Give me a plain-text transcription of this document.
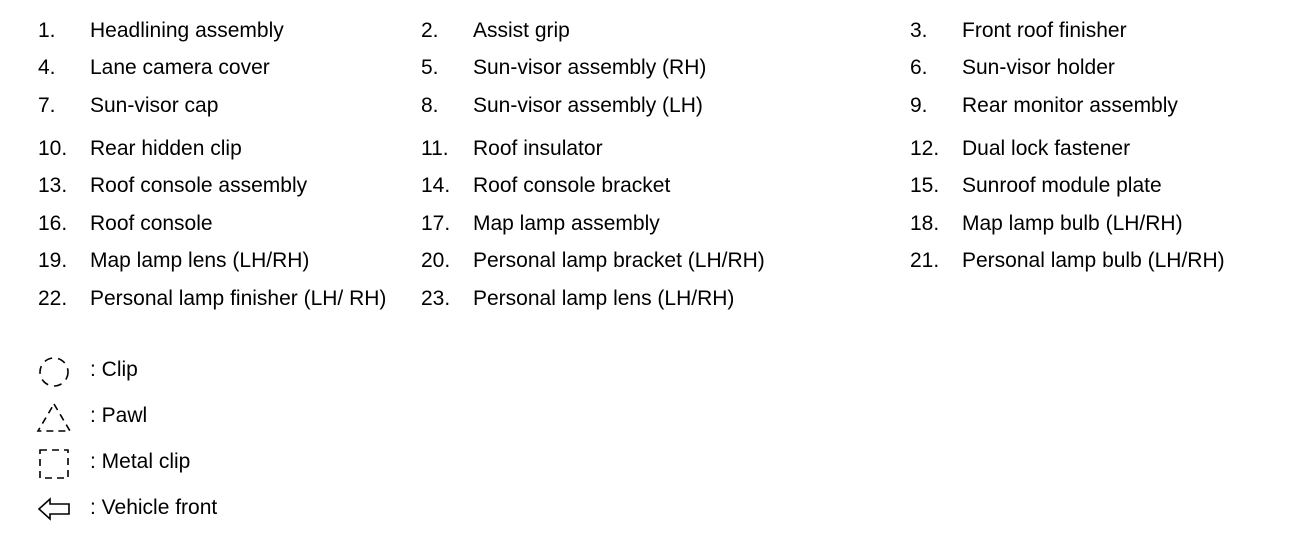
1. Headlining assembly	2. Assist grip	3. Front roof finisher
4. Lane camera cover	5. Sun-visor assembly (RH)	6. Sun-visor holder
7. Sun-visor cap	8. Sun-visor assembly (LH)	9. Rear monitor assembly
10. Rear hidden clip	11. Roof insulator	12. Dual lock fastener
13. Roof console assembly	14. Roof console bracket	15. Sunroof module plate
16. Roof console	17. Map lamp assembly	18. Map lamp bulb (LH/RH)
19. Map lamp lens (LH/RH)	20. Personal lamp bracket (LH/RH)	21. Personal lamp bulb (LH/RH)
22. Personal lamp finisher (LH/ RH) 23. Personal lamp lens (LH/RH)
: Clip
: Pawl
: Metal clip
: Vehicle front
